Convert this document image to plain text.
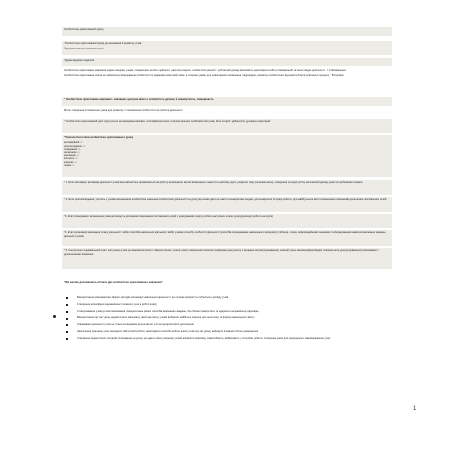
Особистісно-орієнтований підхід

"Особистісно орієнтований підхід до виховання й розвитку учнів

Підготувала вчитель початкових класів

"Думка відомих педагогів

Особистісно орієнтоване навчання надає кожному учневі, спираючись на його здібності, нахили,інтереси, особистісні цінності і суб'єктний досвід,можливість реалізувати себе в пізнавальній та інших видах діяльності... І.С.Якиманська

Особистісно орієнтована освіта не забезпечує формування особистості із заданими властивостями, а створює умови для повноцінного виявлення і відповідно, розвитку особистісних функцій суб'єктів освітнього процесу. " В.Сєріков

" Особистісно орієнтоване навчання - навчання, центром якого є особистість дитини, її самобутність, самоцінність

Мета: створення оптимальних умов для розвитку і становлення особистості як суб'єкта діяльності

" Особистісно орієнтований урок грунтується на врахуванні вікових, психофізіологічних, інтелектуальних особливостей учнів, його потреб, здібностей, духовних орієнтацій.

"Технологічні етапи особистісно орієнтованого уроку

мотиваційний –>
цілепокладання –>
планування –>
організація –>
реалізація –>
контроль –>
корекція –>
оцінка –>

" 1. Етап мотивації: активація діяльності учнів,яка найчастіше проявляється на роботу визначаючи мотив визначеного заняття в ціпілому курсі, розкрити тему (основна мета), створення ситуації успіху на власний досвід учнів та проблемне питання

" 2. Етап цілепокладання: учитель з учнями визначення особистісне значення особистісної діяльності на уроці (що може дати це заняття конкретним людям, для конкретної ситуації роботи, для майбутнього життя визначення показників досягнення поставлених цілей

"3. Етап планування: визначення учнів,які зможуть допомагати виконання поставлених цілей з урахуванням поділу роботи наступних етапах уроку(розподіл роботи на групи)

"4. Етап організації виконання плану діяльності: вибір способів навчальної діяльності вибір учнями способу особистої діяльності (способів опрацювання навчального матеріалу (таблиця, опора, інформаційними знаннями та формуванням навичок виконання завдань діяльності учнів)

" 5. Контрольно-оцінювальний етап: залучення учнів до взаємоконтролю і самоконтролю; учасні учнів у визначенні помилок порівняння результату з кінцевою метою(оцінювання), кожний учень визначає(відповідає) основна мета уроку(порівняння) висновками з досягненнями визначені

"Які засоби допомагають втілити ідеї особистісно орієнтованого навчання?

Використання різноманітних форм і методів організації навчальної діяльності, що сприяє розкриттю суб'єктного досвіду учнів
Створення атмосфери зацікавленості кожного учня в роботі класу
Стимулювання учнів до висловлювання, використання різних способів виконання завдань, без боязні помилитися та одержати неправильну відповідь
Використання під час уроку дидактичного матеріалу, який дає змогу учневі вибирати найбільш значущі для нього вид та форму навчального змісту
Оцінювання діяльності учня не тільки за кінцевим результатом, а й за процесом його досягнення
Заохочення прагнень учня знаходити свій спосіб роботи, аналізувати способи роботи інших учнів під час уроку, вибирати й вивчати більш раціональні
Створення педагогічних ситуацій спілкування на уроці, що дають змогу кожному учневі виявляти ініціативу, самостійність, вибірковість у способах роботи; створення умов для природнього самовираження учня
1
